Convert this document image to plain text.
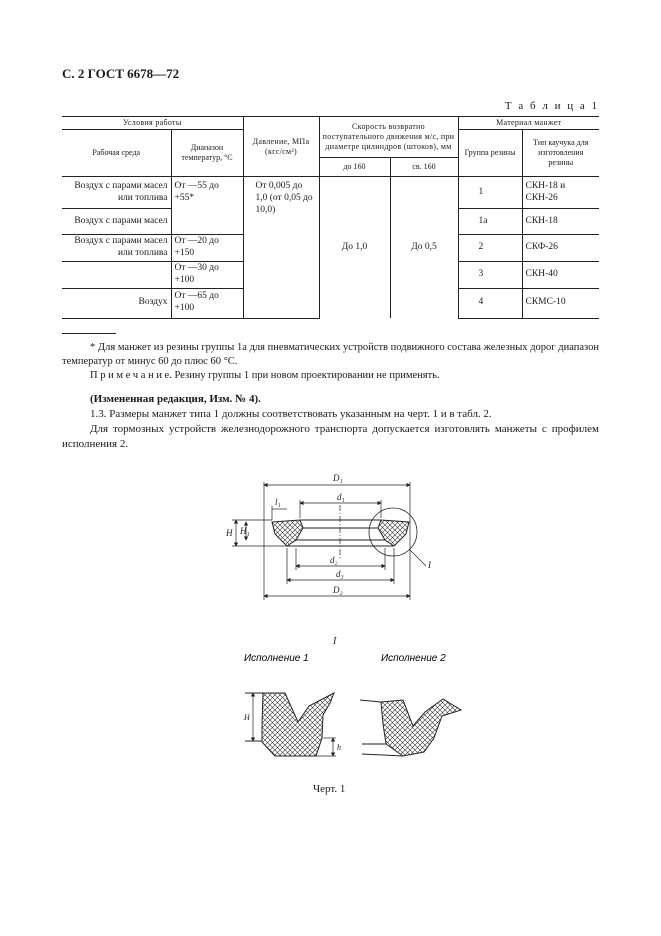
С. 2 ГОСТ 6678—72
Т а б л и ц а 1
Условия работы		Давление, МПа (кгс/см²)	Скорость возвратно поступательного движения м/с, при диаметре цилиндров (штоков), мм		Материал манжет	
Рабочая среда	Диапазон температур, °С				Группа резины	Тип каучука для изготовления резины
			до 160	св. 160		
Воздух с парами масел или топлива	От —55 до +55*	От 0,005 до 1,0 (от 0,05 до 10,0)	До 1,0	До 0,5	1	СКН-18 и СКН-26
Воздух с парами масел					1а	СКН-18
Воздух с парами масел или топлива	От —20 до +150				2	СКФ-26

	От —30 до +100				3	СКН-40
Воздух	От —65 до +100				4	СКМС-10
* Для манжет из резины группы 1а для пневматических устройств подвижного состава железных дорог диапазон температур от минус 60 до плюс 60 °С.
П р и м е ч а н и е. Резину группы 1 при новом проектировании не применять.
(Измененная редакция, Изм. № 4).
1.3. Размеры манжет типа 1 должны соответствовать указанным на черт. 1 и в табл. 2.
Для тормозных устройств железнодорожного транспорта допускается изготовлять манжеты с профилем исполнения 2.
D₁
d₁
l₁
H H₁
d₂
d₃
D₂
I
I
Исполнение 1	Исполнение 2
H
h
Черт. 1
